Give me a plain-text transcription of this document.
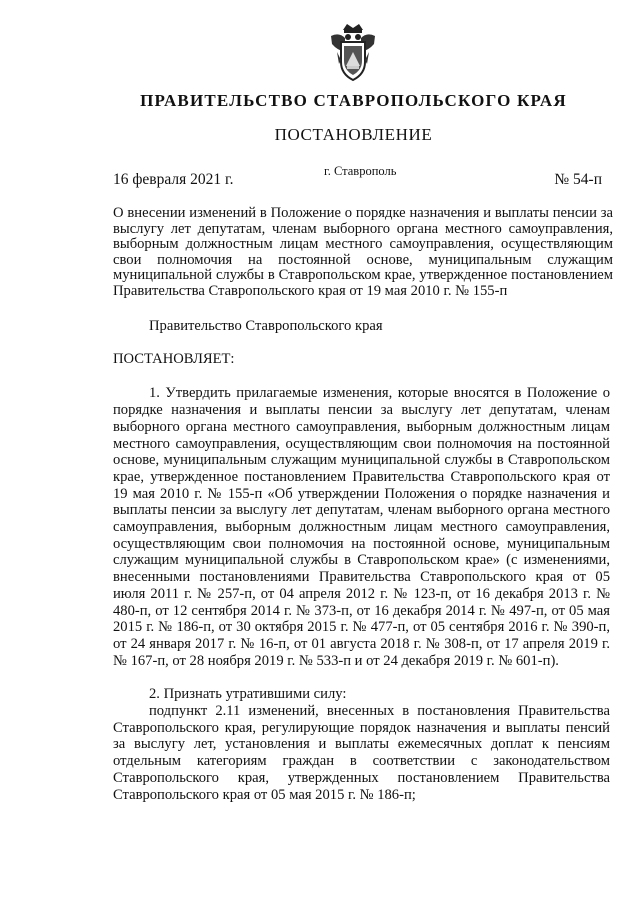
ПРАВИТЕЛЬСТВО СТАВРОПОЛЬСКОГО КРАЯ
ПОСТАНОВЛЕНИЕ
16 февраля 2021 г.	г. Ставрополь	№ 54-п
О внесении изменений в Положение о порядке назначения и выплаты пенсии за выслугу лет депутатам, членам выборного органа местного самоуправления, выборным должностным лицам местного самоуправления, осуществляющим свои полномочия на постоянной основе, муниципальным служащим муниципальной службы в Ставропольском крае, утвержденное постановлением Правительства Ставропольского края от 19 мая 2010 г. № 155-п

Правительство Ставропольского края

ПОСТАНОВЛЯЕТ:

1. Утвердить прилагаемые изменения, которые вносятся в Положение о порядке назначения и выплаты пенсии за выслугу лет депутатам, членам выборного органа местного самоуправления, выборным должностным лицам местного самоуправления, осуществляющим свои полномочия на постоянной основе, муниципальным служащим муниципальной службы в Ставропольском крае, утвержденное постановлением Правительства Ставропольского края от 19 мая 2010 г. № 155-п «Об утверждении Положения о порядке назначения и выплаты пенсии за выслугу лет депутатам, членам выборного органа местного самоуправления, выборным должностным лицам местного самоуправления, осуществляющим свои полномочия на постоянной основе, муниципальным служащим муниципальной службы в Ставропольском крае» (с изменениями, внесенными постановлениями Правительства Ставропольского края от 05 июля 2011 г. № 257-п, от 04 апреля 2012 г. № 123-п, от 16 декабря 2013 г. № 480-п, от 12 сентября 2014 г. № 373-п, от 16 декабря 2014 г. № 497-п, от 05 мая 2015 г. № 186-п, от 30 октября 2015 г. № 477-п, от 05 сентября 2016 г. № 390-п, от 24 января 2017 г. № 16-п, от 01 августа 2018 г. № 308-п, от 17 апреля 2019 г. № 167-п, от 28 ноября 2019 г. № 533-п и от 24 декабря 2019 г. № 601-п).

2. Признать утратившими силу:

подпункт 2.11 изменений, внесенных в постановления Правительства Ставропольского края, регулирующие порядок назначения и выплаты пенсий за выслугу лет, установления и выплаты ежемесячных доплат к пенсиям отдельным категориям граждан в соответствии с законодательством Ставропольского края, утвержденных постановлением Правительства Ставропольского края от 05 мая 2015 г. № 186-п;
